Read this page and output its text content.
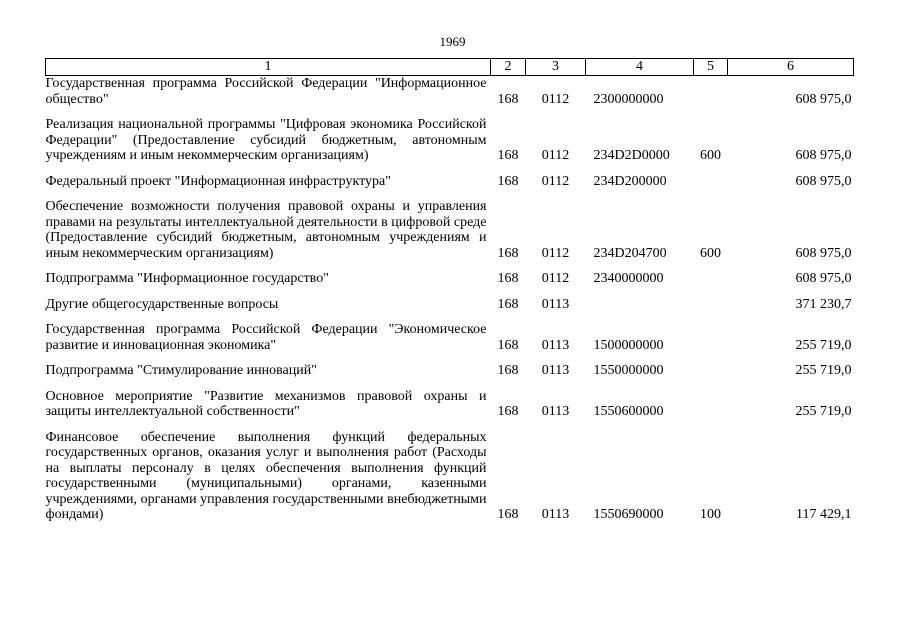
1969
1	2	3	4	5	6
Государственная программа Российской Федерации "Информационное общество"	168	0112	2300000000		608 975,0

Реализация национальной программы "Цифровая экономика Российской Федерации" (Предоставление субсидий бюджетным, автономным учреждениям и иным некоммерческим организациям)	168	0112	234D2D0000	600	608 975,0

Федеральный проект "Информационная инфраструктура"	168	0112	234D200000		608 975,0

Обеспечение возможности получения правовой охраны и управления правами на результаты интеллектуальной деятельности в цифровой среде (Предоставление субсидий бюджетным, автономным учреждениям и иным некоммерческим организациям)	168	0112	234D204700	600	608 975,0

Подпрограмма "Информационное государство"	168	0112	2340000000		608 975,0

Другие общегосударственные вопросы	168	0113			371 230,7

Государственная программа Российской Федерации "Экономическое развитие и инновационная экономика"	168	0113	1500000000		255 719,0

Подпрограмма "Стимулирование инноваций"	168	0113	1550000000		255 719,0

Основное мероприятие "Развитие механизмов правовой охраны и защиты интеллектуальной собственности"	168	0113	1550600000		255 719,0

Финансовое обеспечение выполнения функций федеральных государственных органов, оказания услуг и выполнения работ (Расходы на выплаты персоналу в целях обеспечения выполнения функций государственными (муниципальными) органами, казенными учреждениями, органами управления государственными внебюджетными фондами)	168	0113	1550690000	100	117 429,1
